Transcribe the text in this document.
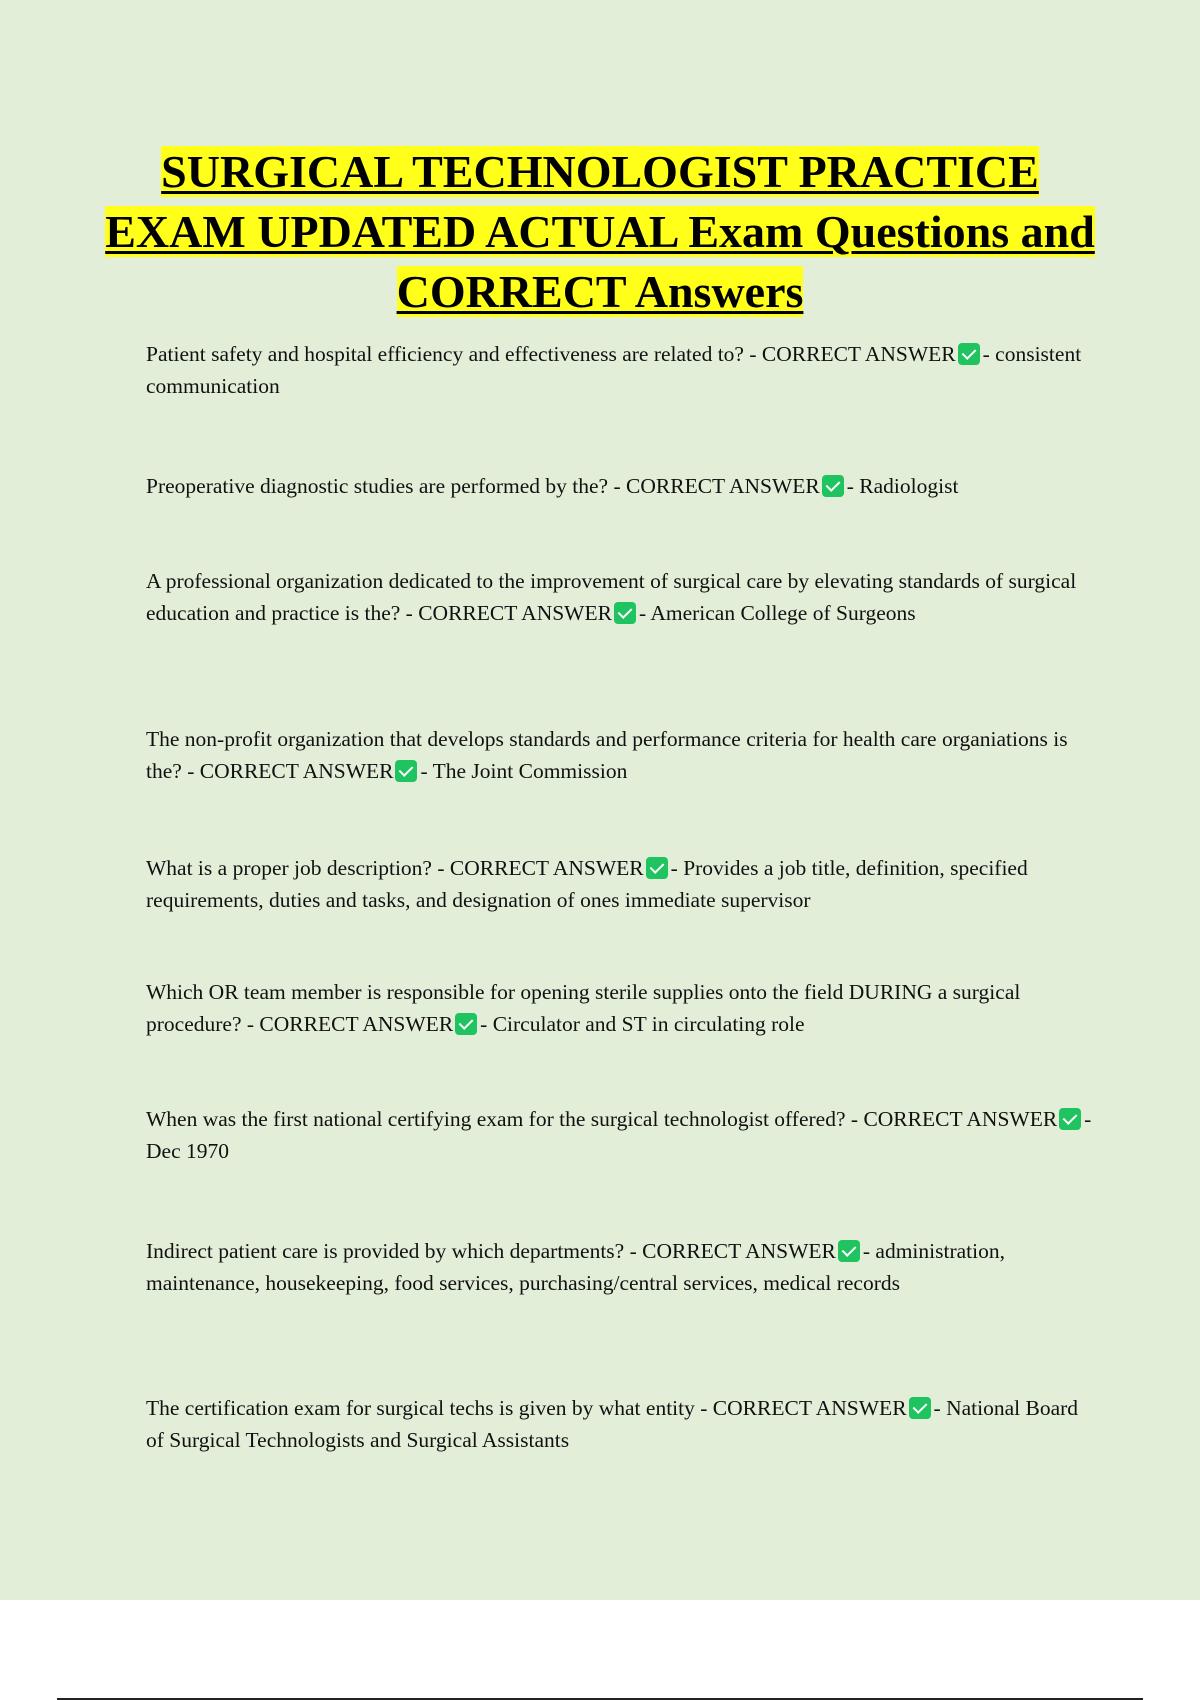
SURGICAL TECHNOLOGIST PRACTICE EXAM UPDATED ACTUAL Exam Questions and CORRECT Answers

Patient safety and hospital efficiency and effectiveness are related to? - CORRECT ANSWER - consistent communication

Preoperative diagnostic studies are performed by the? - CORRECT ANSWER - Radiologist

A professional organization dedicated to the improvement of surgical care by elevating standards of surgical education and practice is the? - CORRECT ANSWER - American College of Surgeons

The non-profit organization that develops standards and performance criteria for health care organiations is the? - CORRECT ANSWER - The Joint Commission

What is a proper job description? - CORRECT ANSWER - Provides a job title, definition, specified requirements, duties and tasks, and designation of ones immediate supervisor

Which OR team member is responsible for opening sterile supplies onto the field DURING a surgical procedure? - CORRECT ANSWER - Circulator and ST in circulating role

When was the first national certifying exam for the surgical technologist offered? - CORRECT ANSWER - Dec 1970

Indirect patient care is provided by which departments? - CORRECT ANSWER - administration, maintenance, housekeeping, food services, purchasing/central services, medical records

The certification exam for surgical techs is given by what entity - CORRECT ANSWER - National Board of Surgical Technologists and Surgical Assistants
